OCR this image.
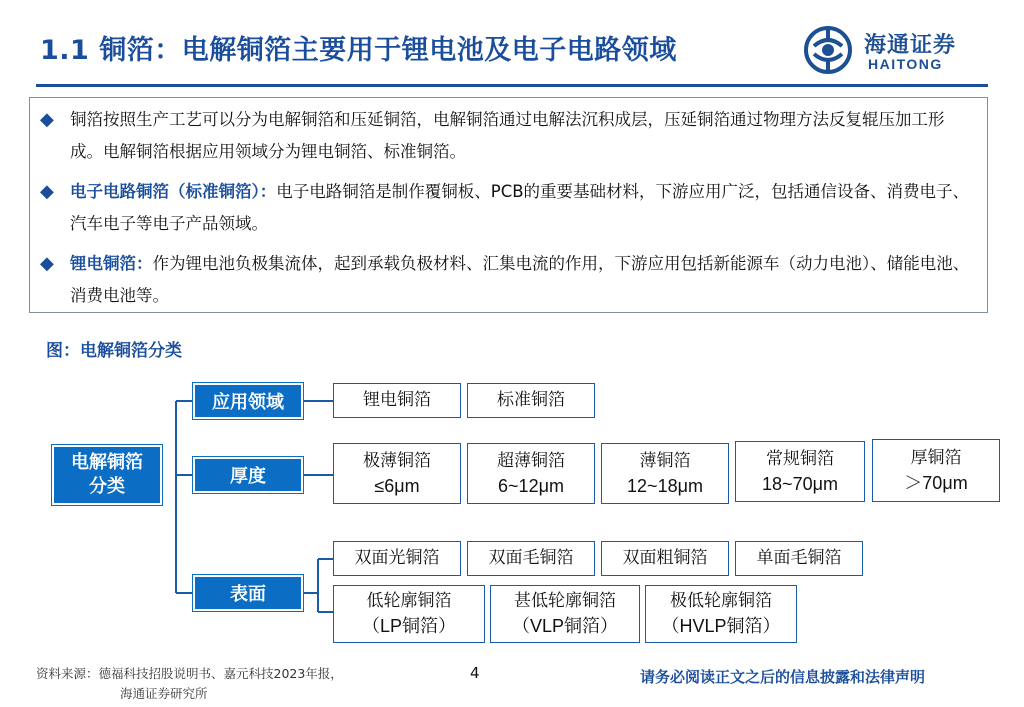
1.1 铜箔：电解铜箔主要用于锂电池及电子电路领域	海通证券
HAITONG
◆ 铜箔按照生产工艺可以分为电解铜箔和压延铜箔，电解铜箔通过电解法沉积成层，压延铜箔通过物理方法反复辊压加工形成。电解铜箔根据应用领域分为锂电铜箔、标准铜箔。
◆ 电子电路铜箔（标准铜箔）：电子电路铜箔是制作覆铜板、PCB的重要基础材料，下游应用广泛，包括通信设备、消费电子、汽车电子等电子产品领域。
◆ 锂电铜箔：作为锂电池负极集流体，起到承载负极材料、汇集电流的作用，下游应用包括新能源车（动力电池）、储能电池、消费电池等。
图：电解铜箔分类
电解铜箔分类
应用领域
厚度
表面
锂电铜箔	标准铜箔
极薄铜箔
≤6μm
超薄铜箔
6~12μm
薄铜箔
12~18μm
常规铜箔
18~70μm
厚铜箔
＞70μm
双面光铜箔	双面毛铜箔	双面粗铜箔	单面毛铜箔
低轮廓铜箔
（LP铜箔）
甚低轮廓铜箔
（VLP铜箔）
极低轮廓铜箔
（HVLP铜箔）
资料来源：德福科技招股说明书、嘉元科技2023年报，
海通证券研究所
4	请务必阅读正文之后的信息披露和法律声明
